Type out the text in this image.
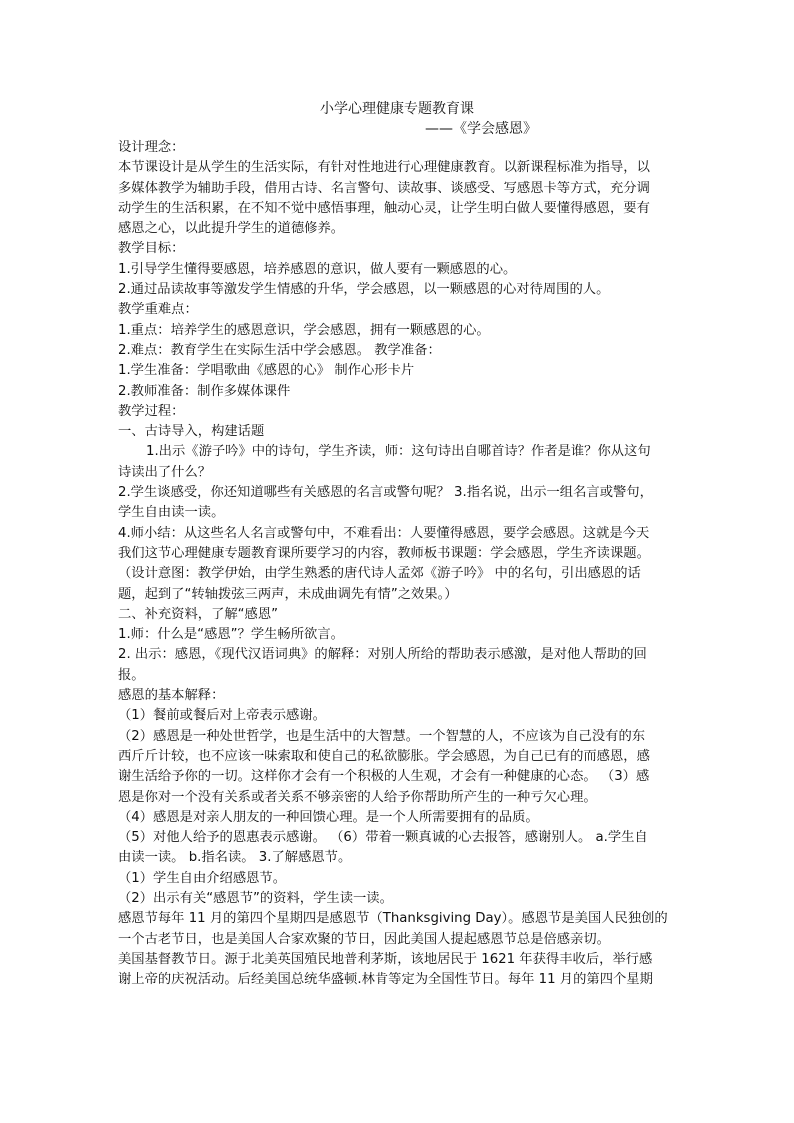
小学心理健康专题教育课
——《学会感恩》

设计理念：

本节课设计是从学生的生活实际，有针对性地进行心理健康教育。以新课程标准为指导，以

多媒体教学为辅助手段，借用古诗、名言警句、读故事、谈感受、写感恩卡等方式，充分调

动学生的生活积累，在不知不觉中感悟事理，触动心灵，让学生明白做人要懂得感恩，要有

感恩之心，以此提升学生的道德修养。

教学目标：

1.引导学生懂得要感恩，培养感恩的意识，做人要有一颗感恩的心。

2.通过品读故事等激发学生情感的升华，学会感恩，以一颗感恩的心对待周围的人。

教学重难点：

1.重点：培养学生的感恩意识，学会感恩，拥有一颗感恩的心。

2.难点：教育学生在实际生活中学会感恩。 教学准备：

1.学生准备：学唱歌曲《感恩的心》 制作心形卡片

2.教师准备：制作多媒体课件

教学过程：

一、古诗导入，构建话题

1.出示《游子吟》中的诗句，学生齐读，师：这句诗出自哪首诗？作者是谁？你从这句

诗读出了什么？

2.学生谈感受，你还知道哪些有关感恩的名言或警句呢？ 3.指名说，出示一组名言或警句，

学生自由读一读。

4.师小结：从这些名人名言或警句中，不难看出：人要懂得感恩，要学会感恩。这就是今天

我们这节心理健康专题教育课所要学习的内容，教师板书课题：学会感恩，学生齐读课题。

（设计意图：教学伊始，由学生熟悉的唐代诗人孟郊《游子吟》 中的名句，引出感恩的话

题，起到了“转轴拨弦三两声，未成曲调先有情”之效果。）

二、补充资料，了解“感恩”

1.师：什么是“感恩”？学生畅所欲言。

2. 出示：感恩，《现代汉语词典》的解释：对别人所给的帮助表示感激，是对他人帮助的回

报。

感恩的基本解释：

（1）餐前或餐后对上帝表示感谢。

（2）感恩是一种处世哲学，也是生活中的大智慧。一个智慧的人，不应该为自己没有的东

西斤斤计较，也不应该一味索取和使自己的私欲膨胀。学会感恩，为自己已有的而感恩，感

谢生活给予你的一切。这样你才会有一个积极的人生观，才会有一种健康的心态。 （3）感

恩是你对一个没有关系或者关系不够亲密的人给予你帮助所产生的一种亏欠心理。

（4）感恩是对亲人朋友的一种回馈心理。是一个人所需要拥有的品质。

（5）对他人给予的恩惠表示感谢。 （6）带着一颗真诚的心去报答，感谢别人。 a.学生自

由读一读。 b.指名读。 3.了解感恩节。

（1）学生自由介绍感恩节。

（2）出示有关“感恩节”的资料，学生读一读。

感恩节每年 11 月的第四个星期四是感恩节（Thanksgiving Day）。感恩节是美国人民独创的

一个古老节日，也是美国人合家欢聚的节日，因此美国人提起感恩节总是倍感亲切。

美国基督教节日。源于北美英国殖民地普利茅斯，该地居民于 1621 年获得丰收后，举行感

谢上帝的庆祝活动。后经美国总统华盛顿.林肯等定为全国性节日。每年 11 月的第四个星期
